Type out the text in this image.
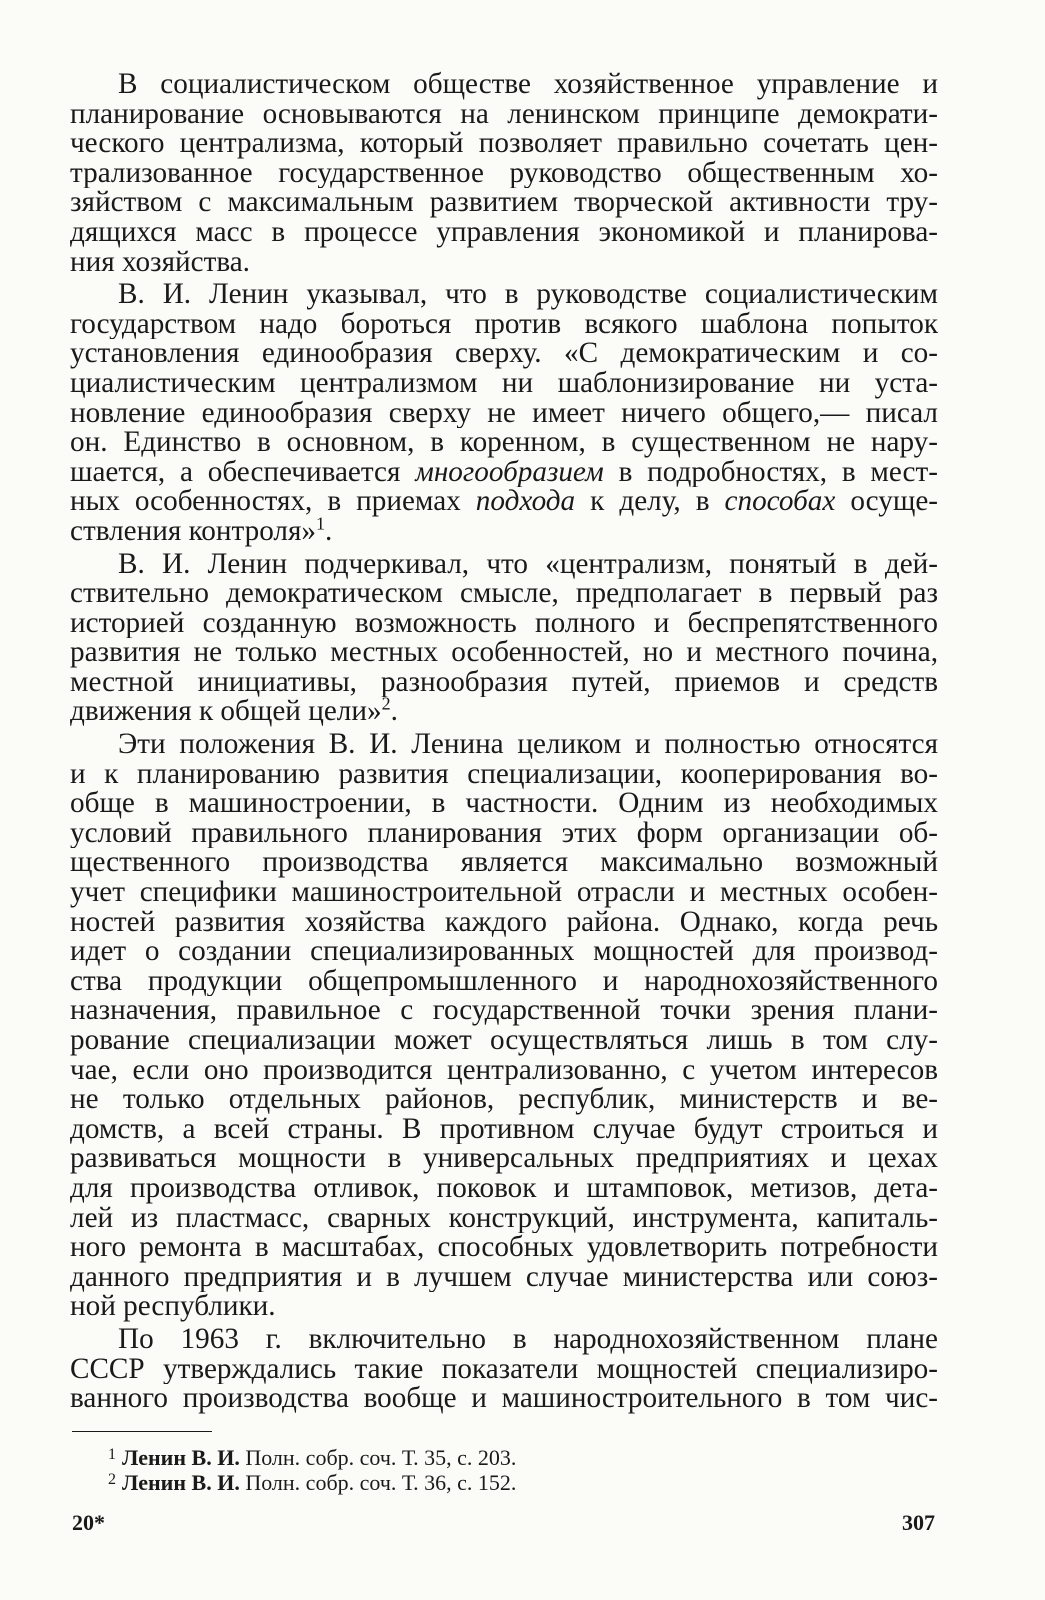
В социалистическом обществе хозяйственное управление и
планирование основываются на ленинском принципе демократи-
ческого централизма, который позволяет правильно сочетать цен-
трализованное государственное руководство общественным хо-
зяйством с максимальным развитием творческой активности тру-
дящихся масс в процессе управления экономикой и планирова-
ния хозяйства.
В. И. Ленин указывал, что в руководстве социалистическим
государством надо бороться против всякого шаблона попыток
установления единообразия сверху. «С демократическим и со-
циалистическим централизмом ни шаблонизирование ни уста-
новление единообразия сверху не имеет ничего общего,— писал
он. Единство в основном, в коренном, в существенном не нару-
шается, а обеспечивается многообразием в подробностях, в мест-
ных особенностях, в приемах подхода к делу, в способах осуще-
ствления контроля»$^1$.
В. И. Ленин подчеркивал, что «централизм, понятый в дей-
ствительно демократическом смысле, предполагает в первый раз
историей созданную возможность полного и беспрепятственного
развития не только местных особенностей, но и местного почина,
местной инициативы, разнообразия путей, приемов и средств
движения к общей цели»$^2$.
Эти положения В. И. Ленина целиком и полностью относятся
и к планированию развития специализации, кооперирования во-
обще в машиностроении, в частности. Одним из необходимых
условий правильного планирования этих форм организации об-
щественного производства является максимально возможный
учет специфики машиностроительной отрасли и местных особен-
ностей развития хозяйства каждого района. Однако, когда речь
идет о создании специализированных мощностей для производ-
ства продукции общепромышленного и народнохозяйственного
назначения, правильное с государственной точки зрения плани-
рование специализации может осуществляться лишь в том слу-
чае, если оно производится централизованно, с учетом интересов
не только отдельных районов, республик, министерств и ве-
домств, а всей страны. В противном случае будут строиться и
развиваться мощности в универсальных предприятиях и цехах
для производства отливок, поковок и штамповок, метизов, дета-
лей из пластмасс, сварных конструкций, инструмента, капиталь-
ного ремонта в масштабах, способных удовлетворить потребности
данного предприятия и в лучшем случае министерства или союз-
ной республики.
По 1963 г. включительно в народнохозяйственном плане
СССР утверждались такие показатели мощностей специализиро-
ванного производства вообще и машиностроительного в том чис-
1 Ленин В. И. Полн. собр. соч. Т. 35, с. 203.
2 Ленин В. И. Полн. собр. соч. Т. 36, с. 152.
20*	307
